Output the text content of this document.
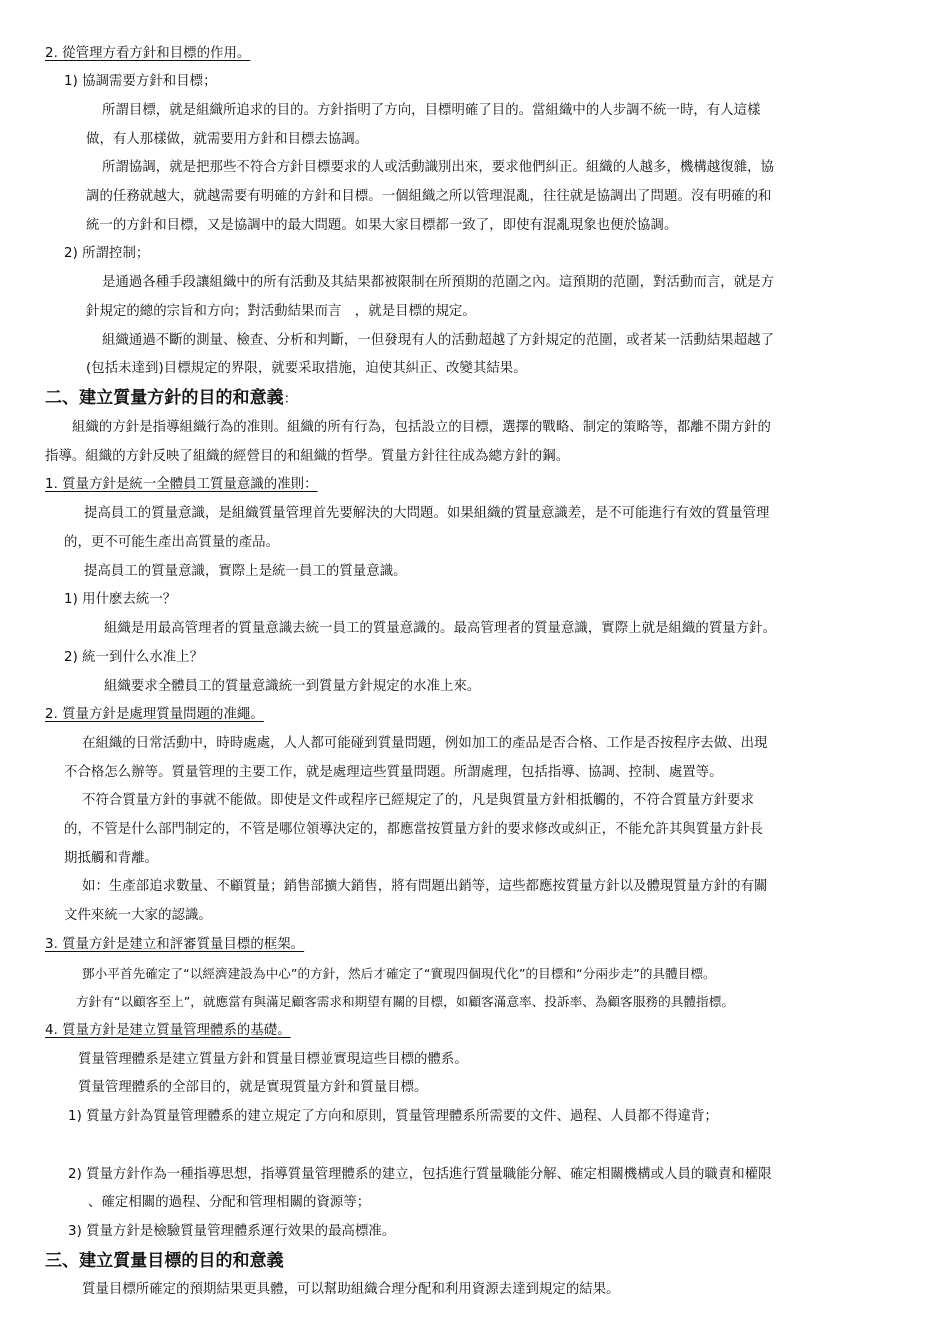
2. 從管理方看方針和目標的作用。
1) 協調需要方針和目標；
所謂目標，就是組織所追求的目的。方針指明了方向，目標明確了目的。當組織中的人步調不統一時，有人這樣
做，有人那樣做，就需要用方針和目標去協調。
所謂協調，就是把那些不符合方針目標要求的人或活動識別出來，要求他們糾正。組織的人越多，機構越復雜，協
調的任務就越大，就越需要有明確的方針和目標。一個組織之所以管理混亂，往往就是協調出了問題。沒有明確的和
統一的方針和目標，又是協調中的最大問題。如果大家目標都一致了，即使有混亂現象也便於協調。
2) 所謂控制；
是通過各種手段讓組織中的所有活動及其結果都被限制在所預期的范圍之內。這預期的范圍，對活動而言，就是方
針規定的總的宗旨和方向；對活動結果而言　，就是目標的規定。
組織通過不斷的測量、檢查、分析和判斷，一但發現有人的活動超越了方針規定的范圍，或者某一活動結果超越了
(包括未達到)目標規定的界限，就要采取措施，迫使其糾正、改變其結果。
二、建立質量方針的目的和意義：
組織的方針是指導組織行為的准則。組織的所有行為，包括設立的目標，選擇的戰略、制定的策略等，都離不開方針的
指導。組織的方針反映了組織的經營目的和組織的哲學。質量方針往往成為總方針的鋼。
1. 質量方針是統一全體員工質量意識的准則：
提高員工的質量意識，是組織質量管理首先要解決的大問題。如果組織的質量意識差，是不可能進行有效的質量管理
的，更不可能生產出高質量的產品。
提高員工的質量意識，實際上是統一員工的質量意識。
1) 用什麽去統一？
組織是用最高管理者的質量意識去統一員工的質量意識的。最高管理者的質量意識，實際上就是組織的質量方針。
2) 統一到什么水准上？
組織要求全體員工的質量意識統一到質量方針規定的水准上來。
2. 質量方針是處理質量問題的准繩。
在組織的日常活動中，時時處處，人人都可能碰到質量問題，例如加工的產品是否合格、工作是否按程序去做、出現
不合格怎么辦等。質量管理的主要工作，就是處理這些質量問題。所謂處理，包括指導、協調、控制、處置等。
不符合質量方針的事就不能做。即使是文件或程序已經規定了的，凡是與質量方針相抵觸的，不符合質量方針要求
的，不管是什么部門制定的，不管是哪位領導決定的，都應當按質量方針的要求修改或糾正，不能允許其與質量方針長
期抵觸和背離。
如：生產部追求數量、不顧質量；銷售部擴大銷售，將有問題出銷等，這些都應按質量方針以及體現質量方針的有關
文件來統一大家的認識。
3. 質量方針是建立和評審質量目標的框架。
鄧小平首先確定了“以經濟建設為中心”的方針，然后才確定了“實現四個現代化”的目標和“分兩步走”的具體目標。
方針有“以顧客至上”，就應當有與滿足顧客需求和期望有關的目標，如顧客滿意率、投訴率、為顧客服務的具體指標。
4. 質量方針是建立質量管理體系的基礎。
質量管理體系是建立質量方針和質量目標並實現這些目標的體系。
質量管理體系的全部目的，就是實現質量方針和質量目標。
1) 質量方針為質量管理體系的建立規定了方向和原則，質量管理體系所需要的文件、過程、人員都不得違背；
2) 質量方針作為一種指導思想，指導質量管理體系的建立，包括進行質量職能分解、確定相關機構或人員的職責和權限
、確定相關的過程、分配和管理相關的資源等；
3) 質量方針是檢驗質量管理體系運行效果的最高標准。
三、建立質量目標的目的和意義
質量目標所確定的預期結果更具體，可以幫助組織合理分配和利用資源去達到規定的結果。
